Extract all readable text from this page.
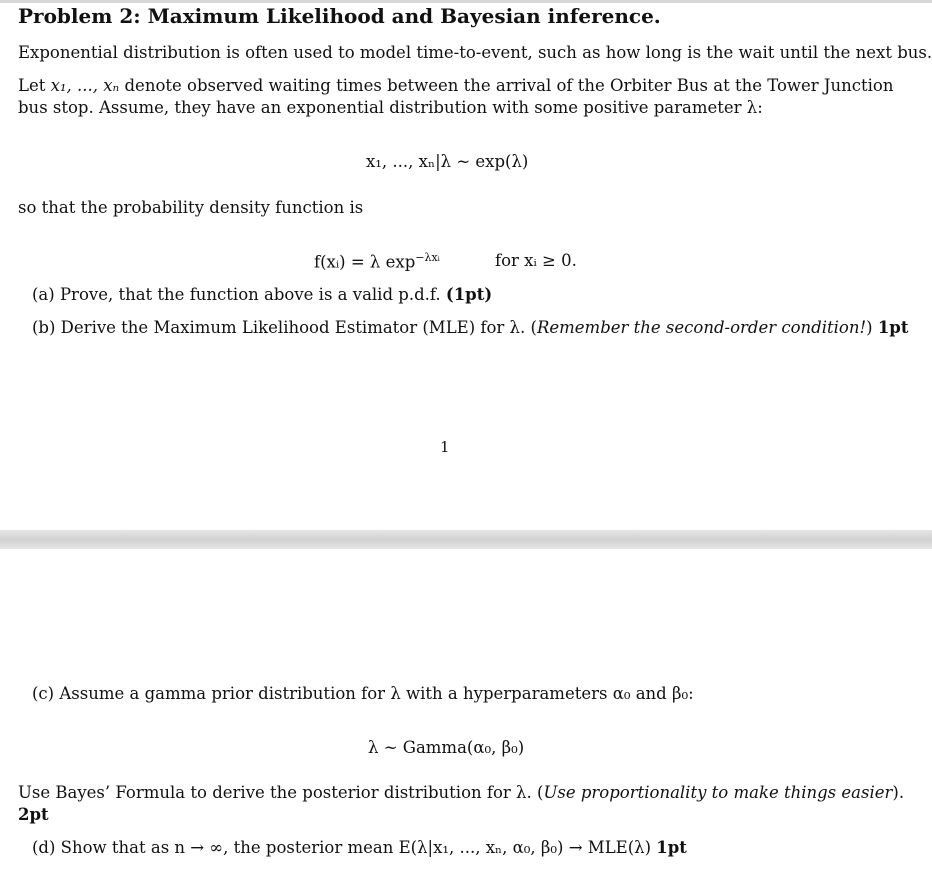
Problem 2: Maximum Likelihood and Bayesian inference.
Exponential distribution is often used to model time-to-event, such as how long is the wait until the next bus.
Let x₁, ..., xₙ denote observed waiting times between the arrival of the Orbiter Bus at the Tower Junction
bus stop. Assume, they have an exponential distribution with some positive parameter λ:
x₁, ..., xₙ|λ ~ exp(λ)
so that the probability density function is
f(xᵢ) = λ $\exp^{-\lambda xᵢ}$	for xᵢ ≥ 0.
(a) Prove, that the function above is a valid p.d.f. (1pt)
(b) Derive the Maximum Likelihood Estimator (MLE) for λ. (Remember the second-order condition!) 1pt
1
(c) Assume a gamma prior distribution for λ with a hyperparameters α₀ and β₀:
λ ~ Gamma(α₀, β₀)
Use Bayes’ Formula to derive the posterior distribution for λ. (Use proportionality to make things easier).
2pt
(d) Show that as n → ∞, the posterior mean E(λ|x₁, ..., xₙ, α₀, β₀) → MLE(λ) 1pt
